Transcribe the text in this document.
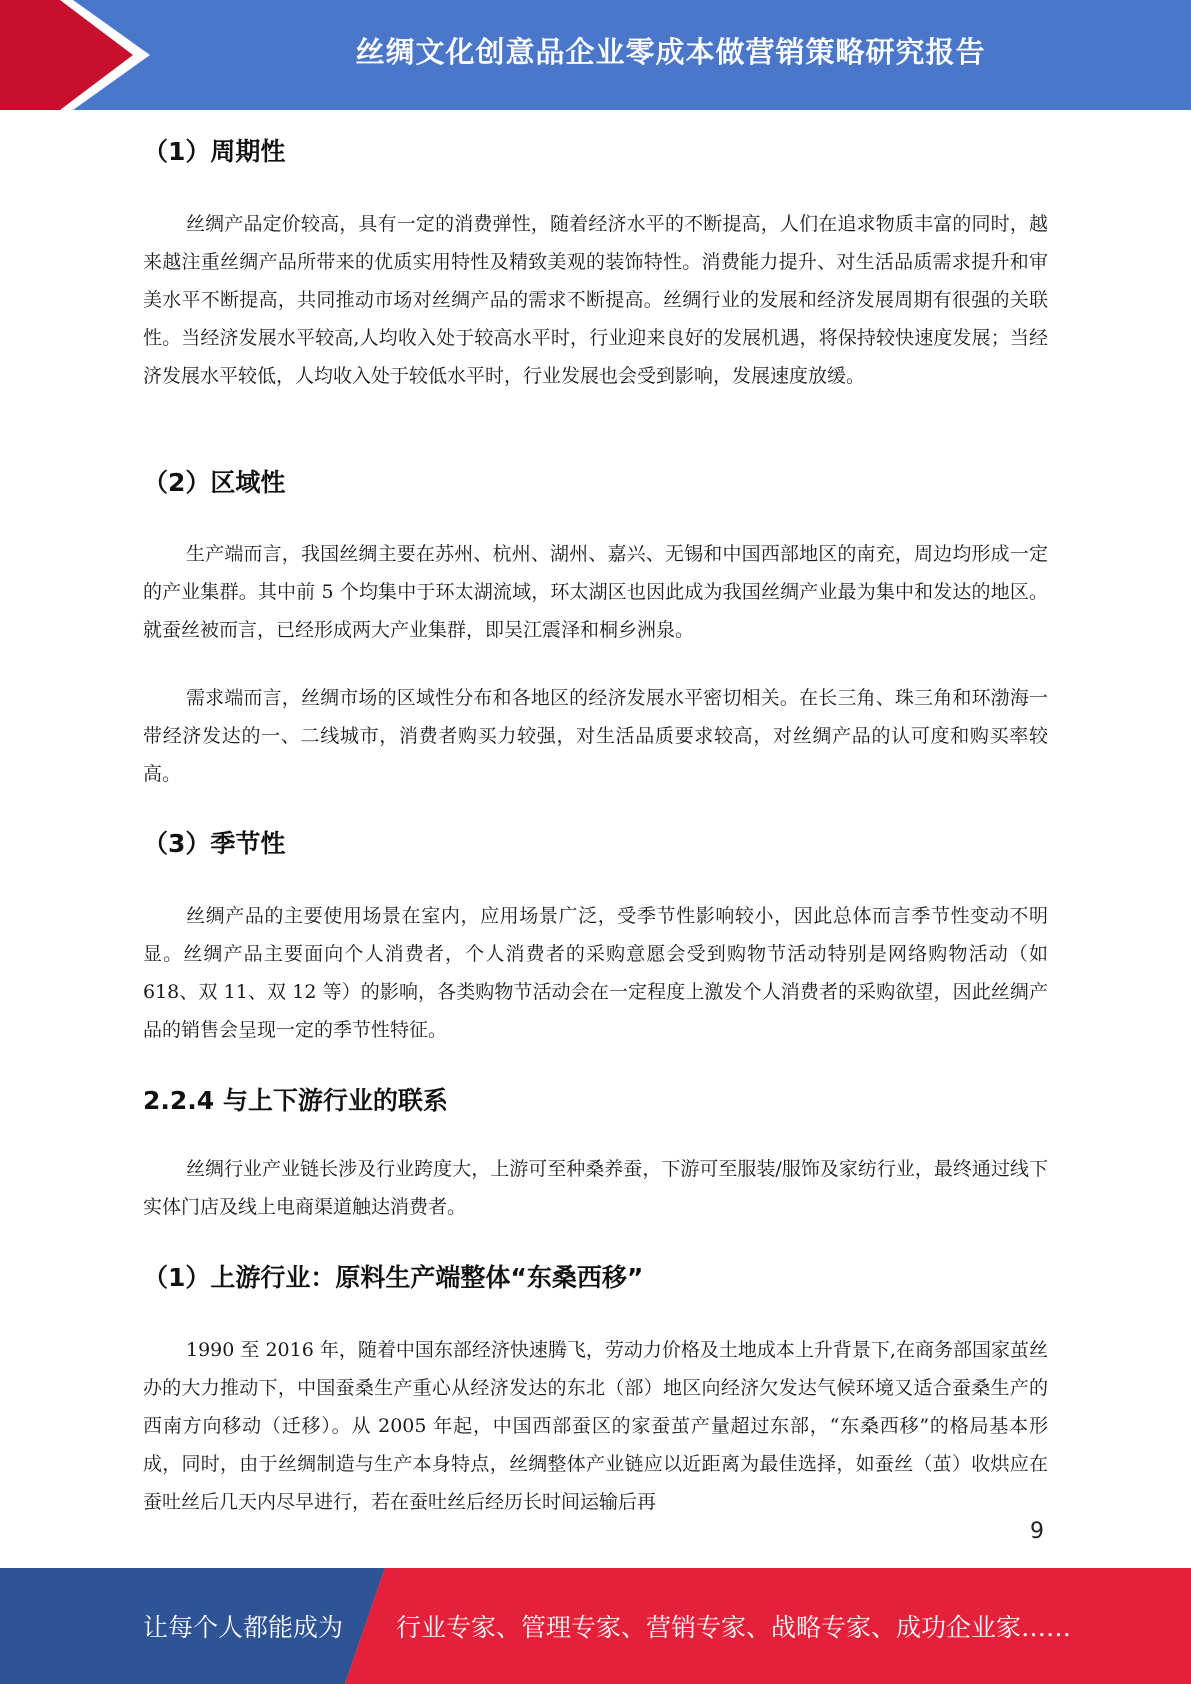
丝绸文化创意品企业零成本做营销策略研究报告
（1）周期性
丝绸产品定价较高，具有一定的消费弹性，随着经济水平的不断提高，人们在追求物质丰富的同时，越来越注重丝绸产品所带来的优质实用特性及精致美观的装饰特性。消费能力提升、对生活品质需求提升和审美水平不断提高，共同推动市场对丝绸产品的需求不断提高。丝绸行业的发展和经济发展周期有很强的关联性。当经济发展水平较高,人均收入处于较高水平时，行业迎来良好的发展机遇，将保持较快速度发展；当经济发展水平较低，人均收入处于较低水平时，行业发展也会受到影响，发展速度放缓。
（2）区域性
生产端而言，我国丝绸主要在苏州、杭州、湖州、嘉兴、无锡和中国西部地区的南充，周边均形成一定的产业集群。其中前 5 个均集中于环太湖流域，环太湖区也因此成为我国丝绸产业最为集中和发达的地区。就蚕丝被而言，已经形成两大产业集群，即吴江震泽和桐乡洲泉。
需求端而言，丝绸市场的区域性分布和各地区的经济发展水平密切相关。在长三角、珠三角和环渤海一带经济发达的一、二线城市，消费者购买力较强，对生活品质要求较高，对丝绸产品的认可度和购买率较高。
（3）季节性
丝绸产品的主要使用场景在室内，应用场景广泛，受季节性影响较小，因此总体而言季节性变动不明显。丝绸产品主要面向个人消费者，个人消费者的采购意愿会受到购物节活动特别是网络购物活动（如 618、双 11、双 12 等）的影响，各类购物节活动会在一定程度上激发个人消费者的采购欲望，因此丝绸产品的销售会呈现一定的季节性特征。
2.2.4 与上下游行业的联系
丝绸行业产业链长涉及行业跨度大，上游可至种桑养蚕，下游可至服装/服饰及家纺行业，最终通过线下实体门店及线上电商渠道触达消费者。
（1）上游行业：原料生产端整体“东桑西移”
1990 至 2016 年，随着中国东部经济快速腾飞，劳动力价格及土地成本上升背景下,在商务部国家茧丝办的大力推动下，中国蚕桑生产重心从经济发达的东北（部）地区向经济欠发达气候环境又适合蚕桑生产的西南方向移动（迁移）。从 2005 年起，中国西部蚕区的家蚕茧产量超过东部，“东桑西移”的格局基本形成，同时，由于丝绸制造与生产本身特点，丝绸整体产业链应以近距离为最佳选择，如蚕丝（茧）收烘应在蚕吐丝后几天内尽早进行，若在蚕吐丝后经历长时间运输后再
9
让每个人都能成为 行业专家、管理专家、营销专家、战略专家、成功企业家……
